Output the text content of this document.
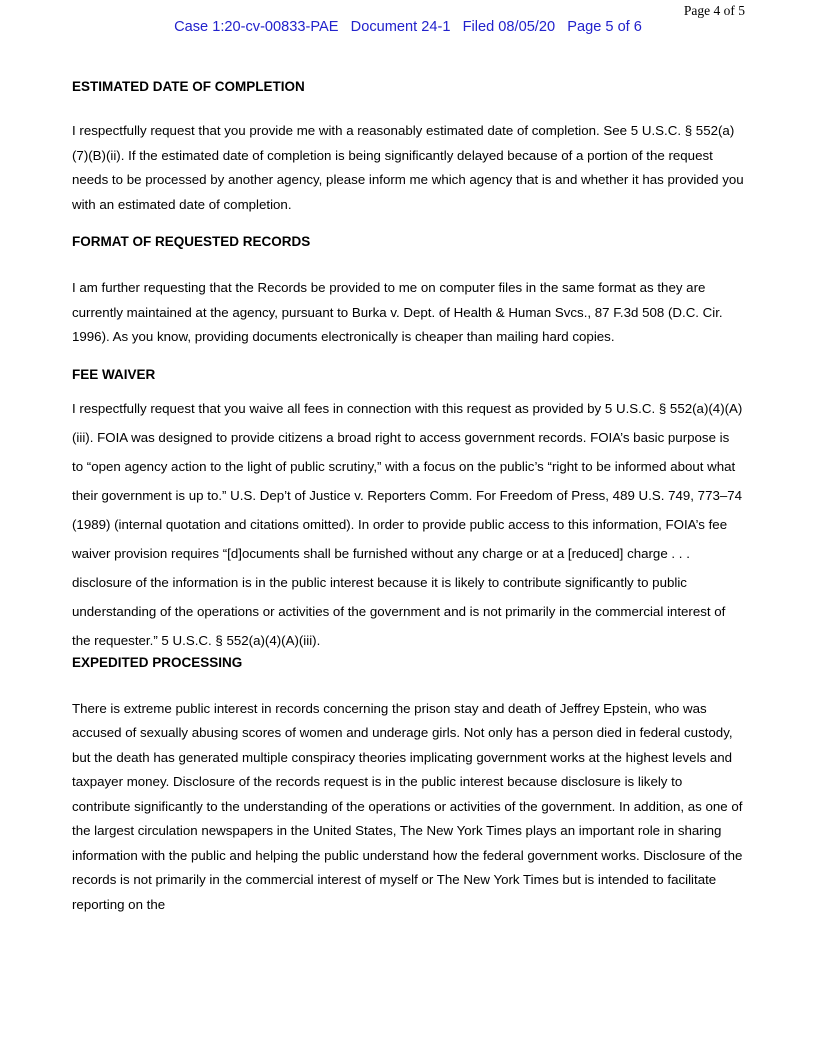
Page 4 of 5
Case 1:20-cv-00833-PAE   Document 24-1   Filed 08/05/20   Page 5 of 6
ESTIMATED DATE OF COMPLETION

I respectfully request that you provide me with a reasonably estimated date of completion. See 5 U.S.C. § 552(a)(7)(B)(ii). If the estimated date of completion is being significantly delayed because of a portion of the request needs to be processed by another agency, please inform me which agency that is and whether it has provided you with an estimated date of completion.

FORMAT OF REQUESTED RECORDS

I am further requesting that the Records be provided to me on computer files in the same format as they are currently maintained at the agency, pursuant to Burka v. Dept. of Health & Human Svcs., 87 F.3d 508 (D.C. Cir. 1996). As you know, providing documents electronically is cheaper than mailing hard copies.

FEE WAIVER

I respectfully request that you waive all fees in connection with this request as provided by 5 U.S.C. § 552(a)(4)(A)(iii). FOIA was designed to provide citizens a broad right to access government records. FOIA’s basic purpose is to “open agency action to the light of public scrutiny,” with a focus on the public’s “right to be informed about what their government is up to.” U.S. Dep’t of Justice v. Reporters Comm. For Freedom of Press, 489 U.S. 749, 773–74 (1989) (internal quotation and citations omitted). In order to provide public access to this information, FOIA’s fee waiver provision requires “[d]ocuments shall be furnished without any charge or at a [reduced] charge . . . disclosure of the information is in the public interest because it is likely to contribute significantly to public understanding of the operations or activities of the government and is not primarily in the commercial interest of the requester.” 5 U.S.C. § 552(a)(4)(A)(iii).

EXPEDITED PROCESSING

There is extreme public interest in records concerning the prison stay and death of Jeffrey Epstein, who was accused of sexually abusing scores of women and underage girls. Not only has a person died in federal custody, but the death has generated multiple conspiracy theories implicating government works at the highest levels and taxpayer money. Disclosure of the records request is in the public interest because disclosure is likely to contribute significantly to the understanding of the operations or activities of the government. In addition, as one of the largest circulation newspapers in the United States, The New York Times plays an important role in sharing information with the public and helping the public understand how the federal government works. Disclosure of the records is not primarily in the commercial interest of myself or The New York Times but is intended to facilitate reporting on the
